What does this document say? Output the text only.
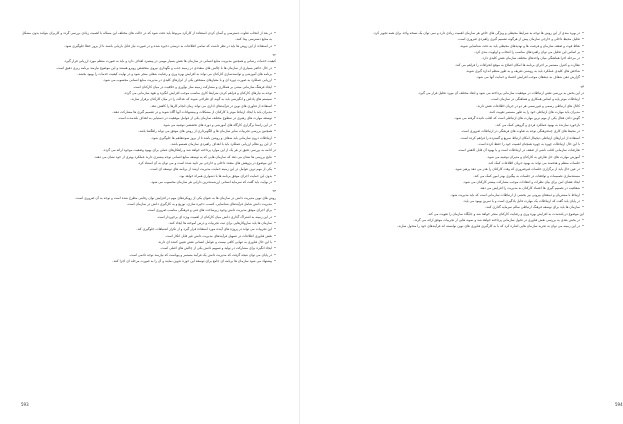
• در بعد از انتخاب تفاوت دسترسی و آسان کردن استفاده از کارکرد مربوط باید دقت شود که در حالت های مختلف این مساله با اهمیت زیادی بررسی گردد و کاربران بتوانند بدون مشکل به منابع دسترسی پیدا کنند.

• در استفاده از این روش ها باید در نظر داشت که تمامی اطلاعات به درستی ذخیره شده و در صورت نیاز قابل بازیابی باشند تا از بروز خطا جلوگیری شود.

۲۲

کیفیت خدمات رسانی و همچنین مدیریت منابع انسانی در سازمان ها نقش بسیار مهمی در پیشبرد اهداف دارد و باید به صورت منظم مورد ارزیابی قرار گیرد.

• در حال حاضر بسیاری از سازمان ها با چالش های متعددی در زمینه جذب و نگهداری نیروی متخصص روبرو هستند و این موضوع نیازمند برنامه ریزی دقیق است.

• برنامه های آموزشی و توانمندسازی کارکنان می تواند به افزایش بهره وری و رضایت شغلی منجر شود و در نهایت کیفیت خدمات را بهبود بخشد.

• ارزیابی عملکرد به صورت دوره ای و با معیارهای مشخص یکی از ابزارهای کلیدی در مدیریت منابع انسانی محسوب می شود.

• ایجاد فرهنگ سازمانی مبتنی بر همکاری و مشارکت زمینه ساز نوآوری و خلاقیت در میان کارکنان است.

• توجه به نیازهای کارکنان و فراهم کردن شرایط کاری مناسب موجب افزایش انگیزه و تعهد سازمانی می گردد.

• سیستم های پاداش و انگیزشی باید به گونه ای طراحی شوند که عدالت را در میان کارکنان برقرار سازند.

• استفاده از فناوری های نوین در فرآیندهای اداری می تواند زمان انجام کارها را کاهش دهد.

• مدیران باید با ایجاد ارتباط موثر با کارکنان از مشکلات و پیشنهادات آنها آگاه شوند و در تصمیم گیری ها مشارکت دهند.

• توسعه مهارت های رهبری در سطوح مختلف سازمان یکی از عوامل موفقیت در دستیابی به اهداف بلندمدت است.

• در این راستا برگزاری کارگاه های آموزشی و دوره های تخصصی توصیه می شود.

• همچنین بررسی تجربیات سایر سازمان ها و الگوبرداری از روش های موفق می تواند راهگشا باشد.

• ارتباطات درون سازمانی باید شفاف و روشن باشد تا از بروز سوءتفاهم ها جلوگیری شود.

• از این رو نظام ارزیابی عملکرد باید با اهداف راهبردی سازمان همسو باشد.

در ادامه به بررسی دقیق تر هر یک از این موارد پرداخته خواهد شد و راهکارهای عملی برای بهبود وضعیت موجود ارائه می گردد.

• نتایج بررسی ها نشان می دهد که سازمان هایی که به توسعه منابع انسانی توجه بیشتری دارند عملکرد بهتری از خود نشان می دهند.

• این موضوع در پژوهش های متعدد داخلی و خارجی نیز تایید شده است و می توان به آن استناد کرد.

• یکی از مهم ترین عوامل در این زمینه حمایت مدیریت ارشد از برنامه های توسعه ای است.

• بدون این حمایت اجرای موفق برنامه ها با دشواری همراه خواهد بود.

• در نهایت باید گفت که سرمایه انسانی ارزشمندترین دارایی هر سازمان محسوب می شود.

۲۳

روش های نوین مدیریت دانش در سازمان ها به عنوان یکی از رویکردهای مهم در افزایش توان رقابتی مطرح شده است و توجه به آن ضروری است.

• مدیریت دانش شامل فرآیندهای شناسایی، کسب، ذخیره سازی، توزیع و به کارگیری دانش در سازمان است.

• برای اجرای موفق مدیریت دانش وجود زیرساخت های فنی و فرهنگی مناسب ضروری است.

• در این زمینه به اشتراک گذاری دانش میان کارکنان از اهمیت ویژه ای برخوردار است.

• سازمان ها باید سازوکارهایی برای ثبت تجربیات و درس آموخته ها ایجاد کنند.

• این تجربیات می تواند در پروژه های آینده مورد استفاده قرار گیرد و از تکرار اشتباهات جلوگیری کند.

• نقش فناوری اطلاعات در تسهیل فرآیندهای مدیریت دانش غیر قابل انکار است.

• با این حال فناوری به تنهایی کافی نیست و عوامل انسانی نقش تعیین کننده ای دارند.

• ایجاد انگیزه برای مشارکت در تولید و تسهیم دانش یکی از چالش های اصلی است.

• در پایان می توان نتیجه گرفت که مدیریت دانش یک فرآیند مستمر و پویاست که نیازمند توجه دائمی است.

• پیشنهاد می شود سازمان ها برنامه ای جامع برای توسعه این حوزه تدوین نمایند و آن را به صورت مرحله ای اجرا کنند.

593

• در بهره مندی از این روش ها توجه به شرایط محیطی و ویژگی های خاص هر سازمان اهمیت زیادی دارد و نمی توان یک نسخه واحد برای همه تجویز کرد.

• تحلیل محیط داخلی و خارجی سازمان پیش از هرگونه تصمیم گیری راهبردی ضروری است.

• نقاط قوت و ضعف سازمان و فرصت ها و تهدیدهای محیطی باید به دقت شناسایی شوند.

• بر اساس این تحلیل می توان راهبردهای مناسب را انتخاب و اولویت بندی کرد.

• در مرحله اجرا هماهنگی میان واحدهای مختلف سازمان نقش کلیدی دارد.

• نظارت و کنترل مستمر بر اجرای برنامه ها امکان اصلاح به موقع انحرافات را فراهم می کند.

• شاخص های کلیدی عملکرد باید به روشنی تعریف و به طور منظم اندازه گیری شوند.

• گزارش دهی شفاف به ذینفعان موجب افزایش اعتماد و حمایت آنها می شود.

۲۴

در این بخش به بررسی نقش ارتباطات در موفقیت سازمانی پرداخته می شود و ابعاد مختلف آن مورد تحلیل قرار می گیرد.

• ارتباطات موثر پایه و اساس همکاری و هماهنگی در سازمان است.

• کانال های ارتباطی رسمی و غیررسمی هر دو در جریان اطلاعات نقش دارند.

• مدیران باید مهارت های ارتباطی خود را به طور مستمر تقویت کنند.

• گوش دادن فعال یکی از مهم ترین مهارت های ارتباطی است که اغلب نادیده گرفته می شود.

• بازخورد سازنده به بهبود عملکرد فردی و گروهی کمک می کند.

• در محیط های کاری چندفرهنگی توجه به تفاوت های فرهنگی در ارتباطات ضروری است.

• استفاده از ابزارهای ارتباطی دیجیتال امکان ارتباط سریع و گسترده را فراهم کرده است.

• با این حال ارتباطات چهره به چهره همچنان اهمیت خود را حفظ کرده است.

• تعارضات سازمانی اغلب ناشی از ضعف در ارتباطات است و با بهبود آن قابل کاهش است.

• آموزش مهارت های حل تعارض به کارکنان و مدیران توصیه می شود.

• جلسات منظم و هدفمند می تواند به بهبود جریان اطلاعات کمک کند.

• در عین حال باید از برگزاری جلسات غیرضروری که وقت کارکنان را هدر می دهد پرهیز شود.

• مستندسازی تصمیمات و توافقات در جلسات به پیگیری بهتر امور کمک می کند.

• ایجاد فضای امن برای بیان نظرات و انتقادات موجب مشارکت بیشتر کارکنان می شود.

• شفافیت در تصمیم گیری ها اعتماد کارکنان به مدیریت را افزایش می دهد.

• ارتباط با مشتریان و ذینفعان بیرونی نیز بخشی از ارتباطات سازمانی است که باید مدیریت شود.

• در پایان باید گفت که ارتباطات یک مهارت قابل یادگیری است و با تمرین بهبود می یابد.

• سازمان ها باید برای توسعه فرهنگ ارتباطی سالم سرمایه گذاری کنند.

این موضوع در بلندمدت به افزایش بهره وری و رضایت کارکنان منجر خواهد شد و جایگاه سازمان را تقویت می کند.

• در بخش بعدی به بررسی نقش فناوری در تحول سازمانی پرداخته خواهد شد و نمونه هایی از تجربیات موفق ارائه می گردد.

• در این زمینه می توان به تجربه سازمان هایی اشاره کرد که با به کارگیری فناوری های نوین توانسته اند فرآیندهای خود را متحول سازند.

594
